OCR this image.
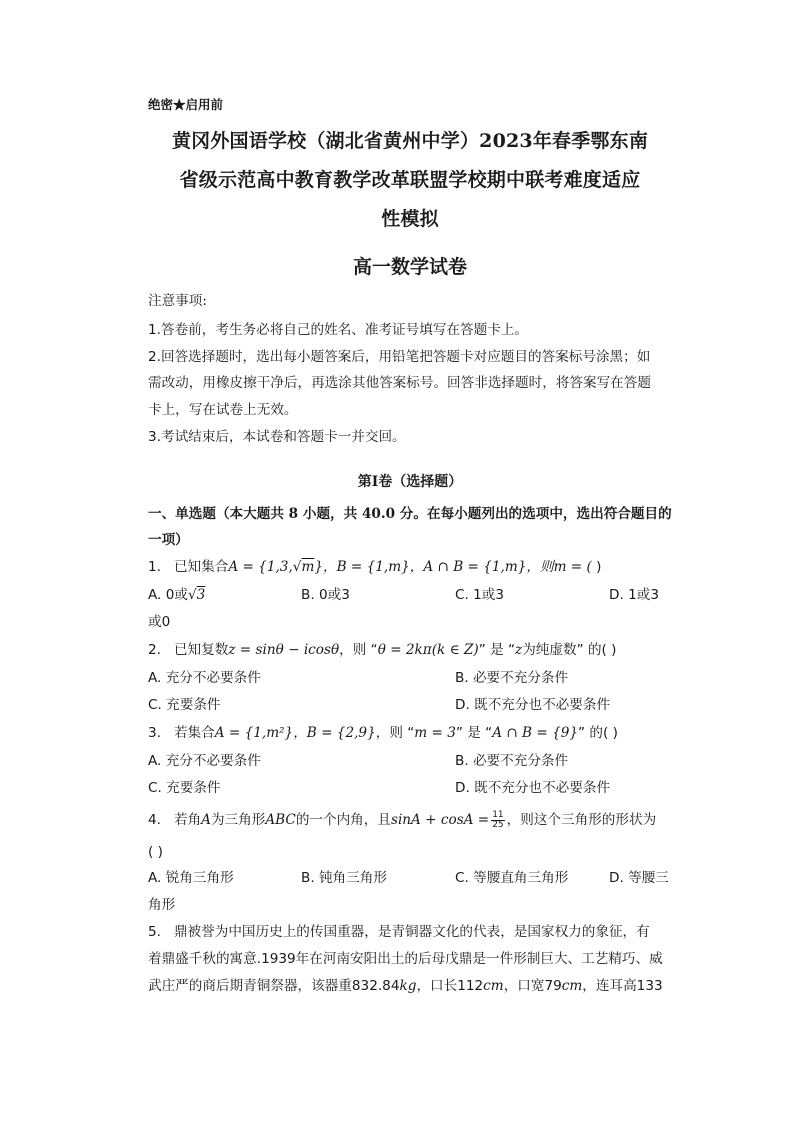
绝密★启用前
黄冈外国语学校（湖北省黄州中学）2023年春季鄂东南
省级示范高中教育教学改革联盟学校期中联考难度适应
性模拟
高一数学试卷
注意事项:
1.答卷前，考生务必将自己的姓名、准考证号填写在答题卡上。
2.回答选择题时，选出每小题答案后，用铅笔把答题卡对应题目的答案标号涂黑；如
需改动，用橡皮擦干净后，再选涂其他答案标号。回答非选择题时，将答案写在答题
卡上，写在试卷上无效。
3.考试结束后，本试卷和答题卡一并交回。
第Ⅰ卷（选择题）
一、单选题（本大题共 8 小题，共 40.0 分。在每小题列出的选项中，选出符合题目的
一项）
1. 已知集合A = {1,3,√m}，B = {1,m}，A ∩ B = {1,m}，则m = ( )
A. 0或√3	B. 0或3	C. 1或3	D. 1或3
或0
2. 已知复数z = sinθ − icosθ，则 “θ = 2kπ(k ∈ Z)” 是 “z为纯虚数” 的( )
A. 充分不必要条件	B. 必要不充分条件
C. 充要条件	D. 既不充分也不必要条件
3. 若集合A = {1,m²}，B = {2,9}，则 “m = 3” 是 “A ∩ B = {9}” 的( )
A. 充分不必要条件	B. 必要不充分条件
C. 充要条件	D. 既不充分也不必要条件
4. 若角A为三角形ABC的一个内角，且$\sin A + \cos A = \frac{11}{25}$ ，则这个三角形的形状为
( )
A. 锐角三角形	B. 钝角三角形	C. 等腰直角三角形	D. 等腰三
角形
5. 鼎被誉为中国历史上的传国重器，是青铜器文化的代表，是国家权力的象征，有
着鼎盛千秋的寓意.1939年在河南安阳出土的后母戊鼎是一件形制巨大、工艺精巧、威
武庄严的商后期青铜祭器，该器重832.84kg，口长112cm，口宽79cm，连耳高133
